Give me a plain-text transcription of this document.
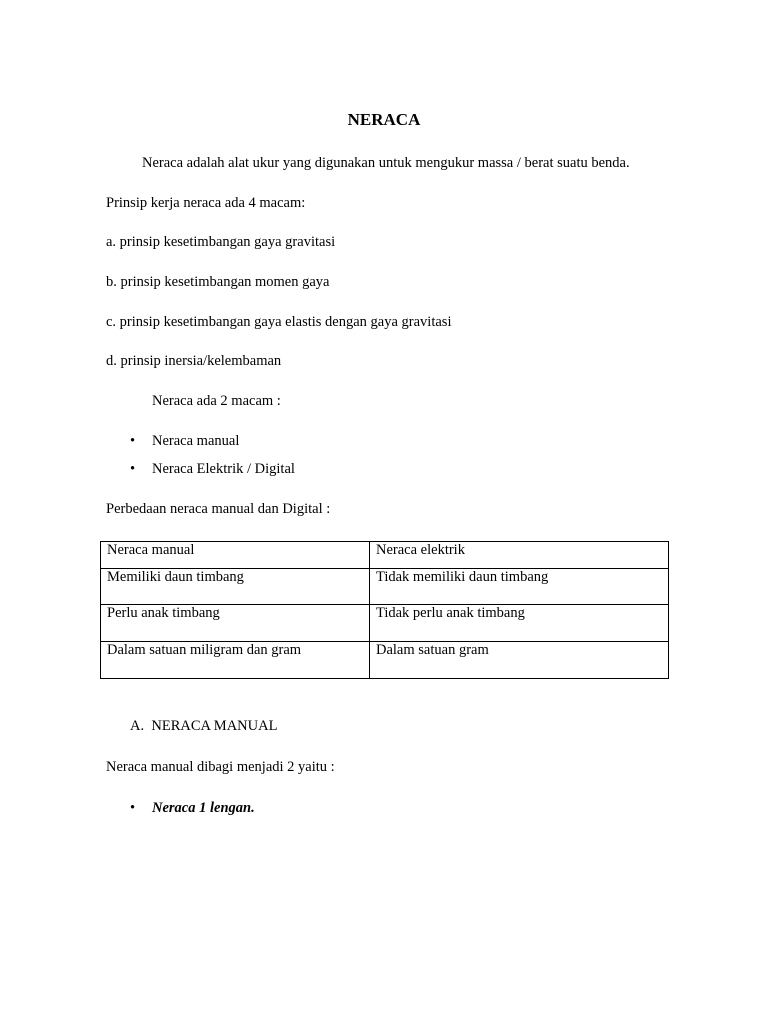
NERACA
Neraca adalah alat ukur yang digunakan untuk mengukur massa / berat suatu benda.
Prinsip kerja neraca ada 4 macam:
a. prinsip kesetimbangan gaya gravitasi
b. prinsip kesetimbangan momen gaya
c. prinsip kesetimbangan gaya elastis dengan gaya gravitasi
d. prinsip inersia/kelembaman
Neraca ada 2 macam :
• Neraca manual
• Neraca Elektrik / Digital
Perbedaan neraca manual dan Digital :
Neraca manual	Neraca elektrik
Memiliki daun timbang	Tidak memiliki daun timbang
Perlu anak timbang	Tidak perlu anak timbang
Dalam satuan miligram dan gram	Dalam satuan gram
A. NERACA MANUAL
Neraca manual dibagi menjadi 2 yaitu :
• Neraca 1 lengan.
